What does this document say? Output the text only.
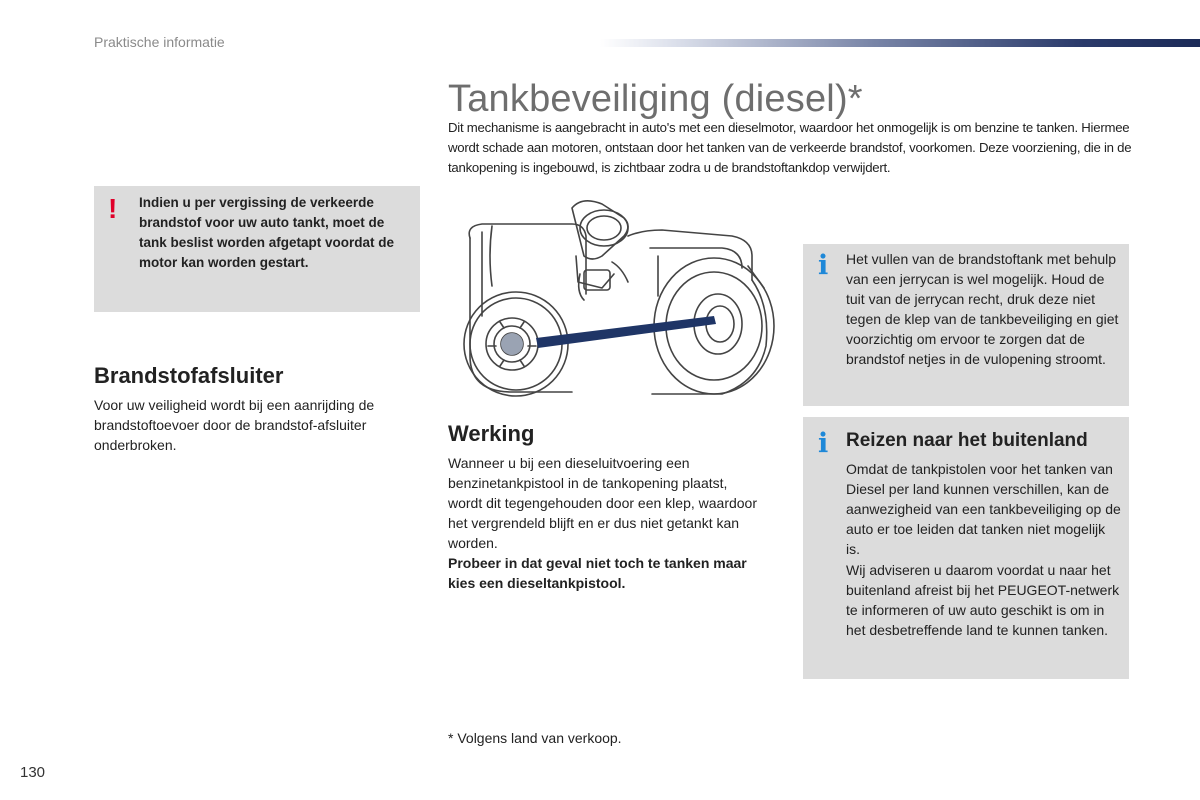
Praktische informatie
Tankbeveiliging (diesel)*
Dit mechanisme is aangebracht in auto's met een dieselmotor, waardoor het onmogelijk is om benzine te tanken. Hiermee wordt schade aan motoren, ontstaan door het tanken van de verkeerde brandstof, voorkomen. Deze voorziening, die in de tankopening is ingebouwd, is zichtbaar zodra u de brandstoftankdop verwijdert.
! Indien u per vergissing de verkeerde brandstof voor uw auto tankt, moet de tank beslist worden afgetapt voordat de motor kan worden gestart.
Brandstofafsluiter
Voor uw veiligheid wordt bij een aanrijding de brandstoftoevoer door de brandstof-afsluiter onderbroken.	Werking
Wanneer u bij een dieseluitvoering een benzinetankpistool in de tankopening plaatst, wordt dit tegengehouden door een klep, waardoor het vergrendeld blijft en er dus niet getankt kan worden.
Probeer in dat geval niet toch te tanken maar kies een dieseltankpistool.
i Het vullen van de brandstoftank met behulp van een jerrycan is wel mogelijk. Houd de tuit van de jerrycan recht, druk deze niet tegen de klep van de tankbeveiliging en giet voorzichtig om ervoor te zorgen dat de brandstof netjes in de vulopening stroomt.
i Reizen naar het buitenland
Omdat de tankpistolen voor het tanken van Diesel per land kunnen verschillen, kan de aanwezigheid van een tankbeveiliging op de auto er toe leiden dat tanken niet mogelijk is.
Wij adviseren u daarom voordat u naar het buitenland afreist bij het PEUGEOT-netwerk te informeren of uw auto geschikt is om in het desbetreffende land te kunnen tanken.
* Volgens land van verkoop.
130
